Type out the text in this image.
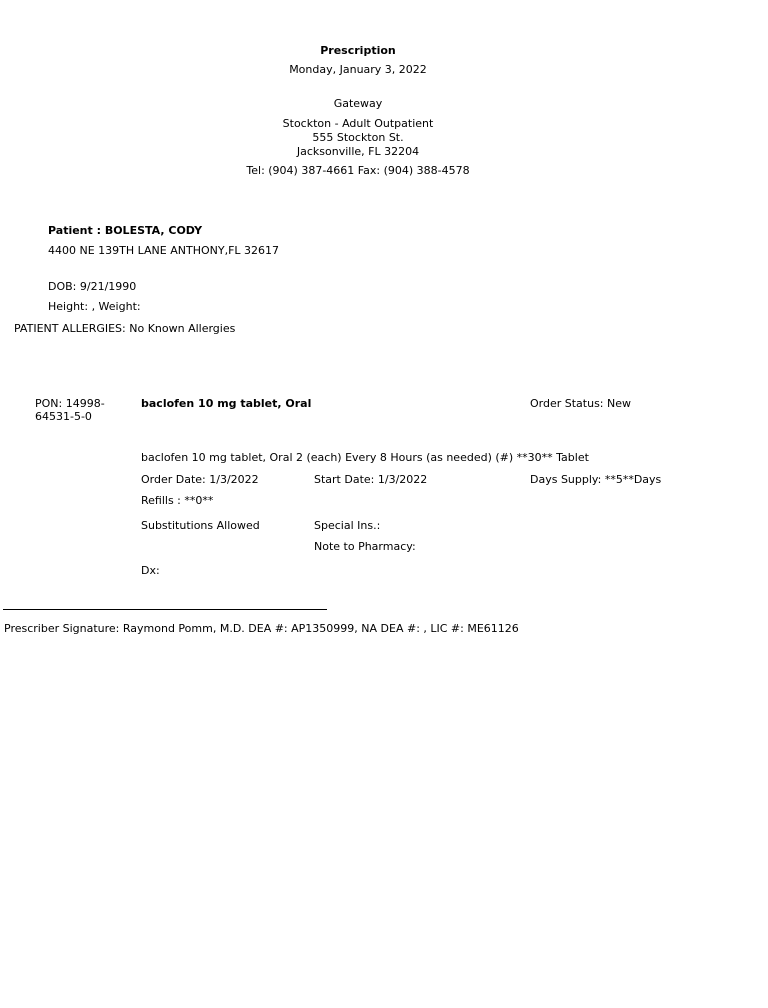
Prescription
Monday, January 3, 2022
Gateway
Stockton - Adult Outpatient
555 Stockton St.
Jacksonville, FL 32204
Tel: (904) 387-4661 Fax: (904) 388-4578
Patient : BOLESTA, CODY
4400 NE 139TH LANE ANTHONY,FL 32617
DOB: 9/21/1990
Height: , Weight:
PATIENT ALLERGIES: No Known Allergies
PON: 14998-64531-5-0
baclofen 10 mg tablet, Oral	Order Status: New
baclofen 10 mg tablet, Oral 2 (each) Every 8 Hours (as needed) (#) **30** Tablet
Order Date: 1/3/2022	Start Date: 1/3/2022	Days Supply: **5**Days
Refills : **0**
Substitutions Allowed	Special Ins.:
Note to Pharmacy:
Dx:
Prescriber Signature: Raymond Pomm, M.D. DEA #: AP1350999, NA DEA #: , LIC #: ME61126
